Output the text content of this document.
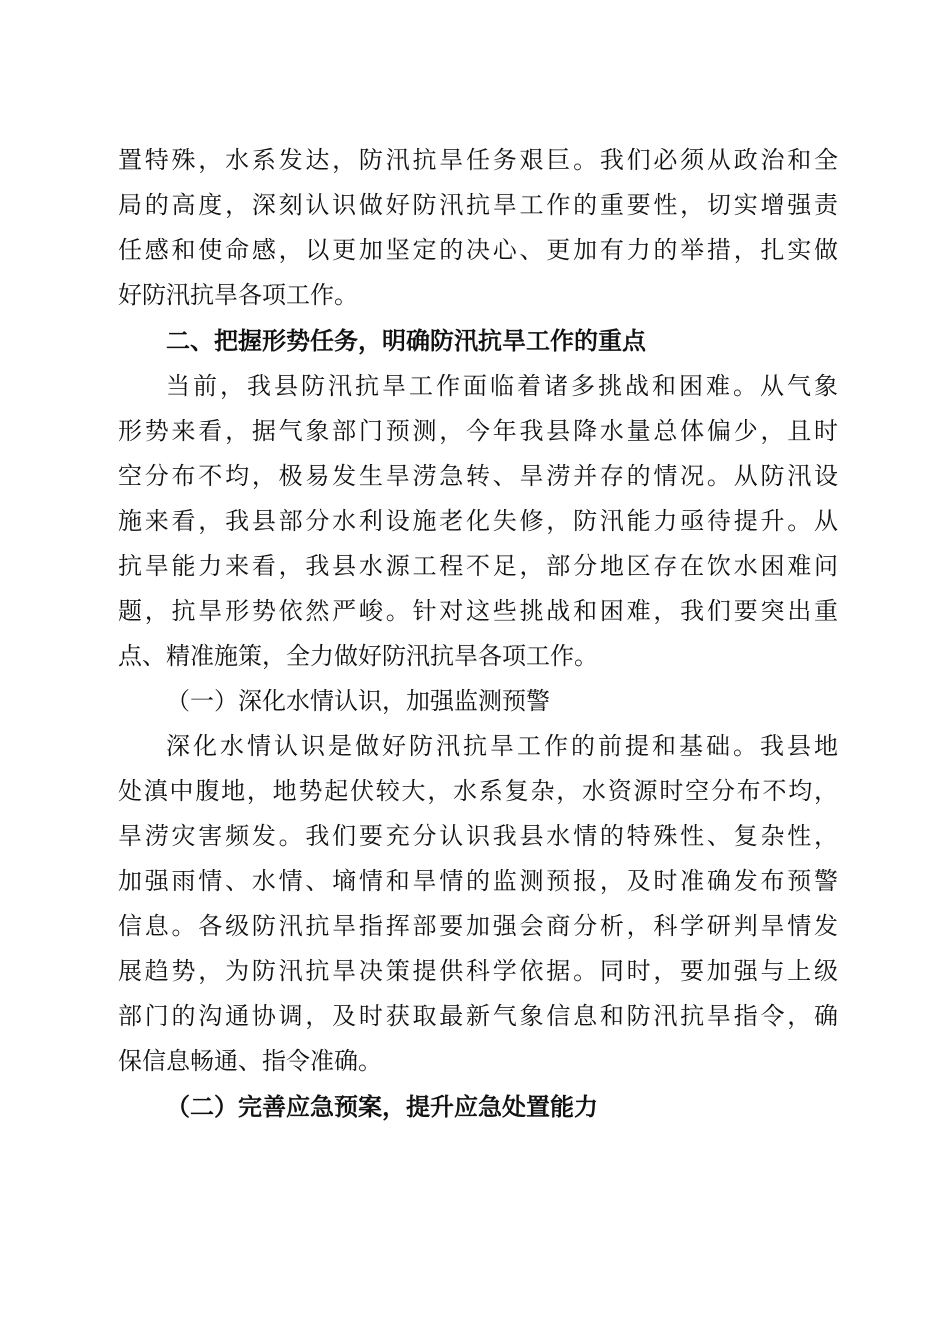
置特殊，水系发达，防汛抗旱任务艰巨。我们必须从政治和全
局的高度，深刻认识做好防汛抗旱工作的重要性，切实增强责
任感和使命感，以更加坚定的决心、更加有力的举措，扎实做
好防汛抗旱各项工作。
二、把握形势任务，明确防汛抗旱工作的重点
当前，我县防汛抗旱工作面临着诸多挑战和困难。从气象
形势来看，据气象部门预测，今年我县降水量总体偏少，且时
空分布不均，极易发生旱涝急转、旱涝并存的情况。从防汛设
施来看，我县部分水利设施老化失修，防汛能力亟待提升。从
抗旱能力来看，我县水源工程不足，部分地区存在饮水困难问
题，抗旱形势依然严峻。针对这些挑战和困难，我们要突出重
点、精准施策，全力做好防汛抗旱各项工作。
（一）深化水情认识，加强监测预警
深化水情认识是做好防汛抗旱工作的前提和基础。我县地
处滇中腹地，地势起伏较大，水系复杂，水资源时空分布不均，
旱涝灾害频发。我们要充分认识我县水情的特殊性、复杂性，
加强雨情、水情、墒情和旱情的监测预报，及时准确发布预警
信息。各级防汛抗旱指挥部要加强会商分析，科学研判旱情发
展趋势，为防汛抗旱决策提供科学依据。同时，要加强与上级
部门的沟通协调，及时获取最新气象信息和防汛抗旱指令，确
保信息畅通、指令准确。
（二）完善应急预案，提升应急处置能力
